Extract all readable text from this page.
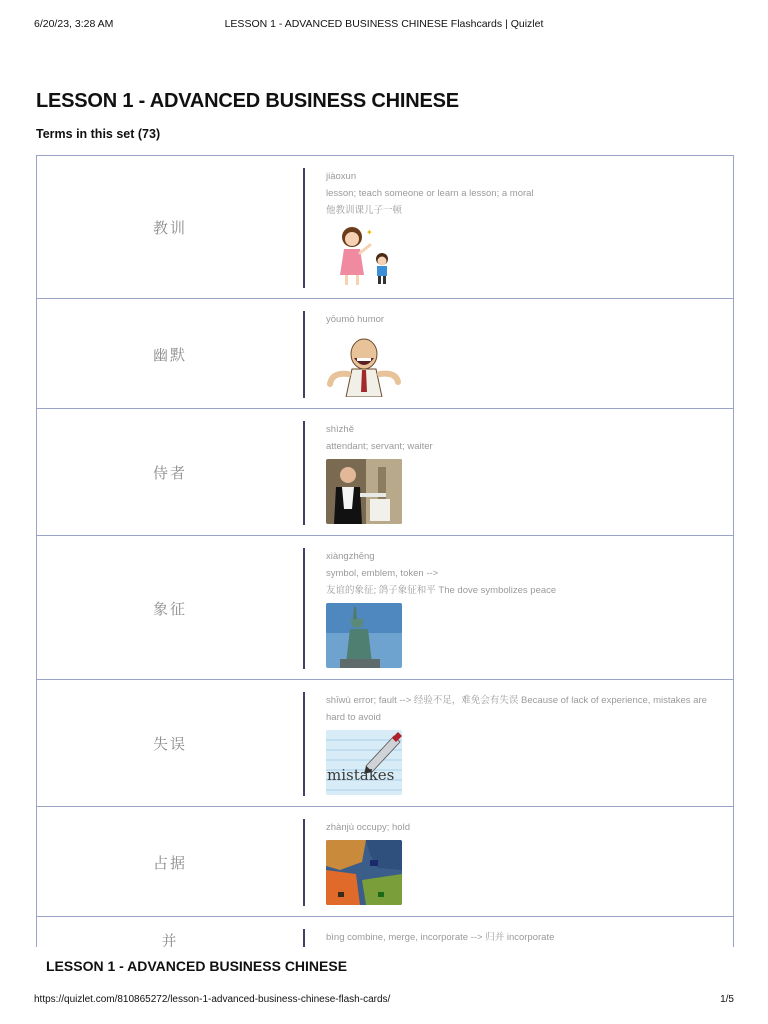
6/20/23, 3:28 AM	LESSON 1 - ADVANCED BUSINESS CHINESE Flashcards | Quizlet
LESSON 1 - ADVANCED BUSINESS CHINESE
Terms in this set (73)
教训
jiàoxun
lesson; teach someone or learn a lesson; a moral
他教训课儿子一顿
✦
幽默
yōumò humor
侍者
shìzhě
attendant; servant; waiter
象征
xiàngzhēng
symbol, emblem, token -->
友谊的象征; 鸽子象征和平 The dove symbolizes peace
失误
shīwù error; fault --> 经验不足，难免会有失误 Because of lack of experience, mistakes are hard to avoid
mistakes
占据
zhànjù occupy; hold
并	bìng combine, merge, incorporate --> 归并 incorporate
LESSON 1 - ADVANCED BUSINESS CHINESE
https://quizlet.com/810865272/lesson-1-advanced-business-chinese-flash-cards/	1/5
